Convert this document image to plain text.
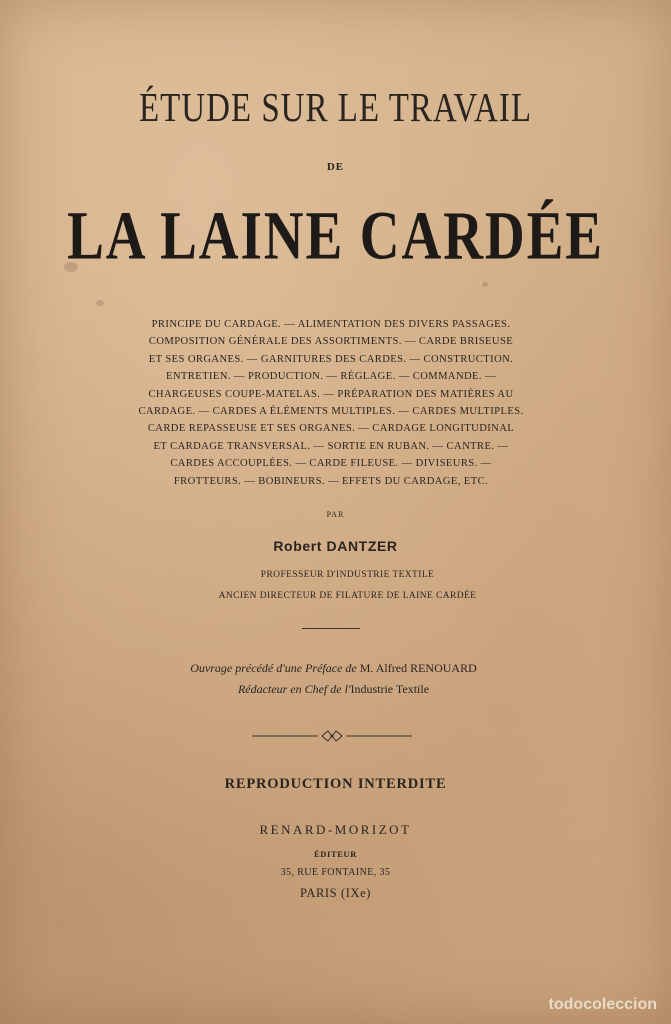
ÉTUDE SUR LE TRAVAIL
DE
LA LAINE CARDÉE
PRINCIPE DU CARDAGE. — ALIMENTATION DES DIVERS PASSAGES.
COMPOSITION GÉNÉRALE DES ASSORTIMENTS. — CARDE BRISEUSE
ET SES ORGANES. — GARNITURES DES CARDES. — CONSTRUCTION.
ENTRETIEN. — PRODUCTION. — RÉGLAGE. — COMMANDE. —
CHARGEUSES COUPE-MATELAS. — PRÉPARATION DES MATIÈRES AU
CARDAGE. — CARDES A ÉLÉMENTS MULTIPLES. — CARDES MULTIPLES.
CARDE REPASSEUSE ET SES ORGANES. — CARDAGE LONGITUDINAL
ET CARDAGE TRANSVERSAL. — SORTIE EN RUBAN. — CANTRE. —
CARDES ACCOUPLÉES. — CARDE FILEUSE. — DIVISEURS. —
FROTTEURS. — BOBINEURS. — EFFETS DU CARDAGE, ETC.
PAR
Robert DANTZER
PROFESSEUR D'INDUSTRIE TEXTILE
ANCIEN DIRECTEUR DE FILATURE DE LAINE CARDÉE
Ouvrage précédé d'une Préface de M. Alfred RENOUARD
Rédacteur en Chef de l'Industrie Textile
REPRODUCTION INTERDITE
RENARD-MORIZOT
ÉDITEUR
35, RUE FONTAINE, 35
PARIS (IXe)
todocoleccion
